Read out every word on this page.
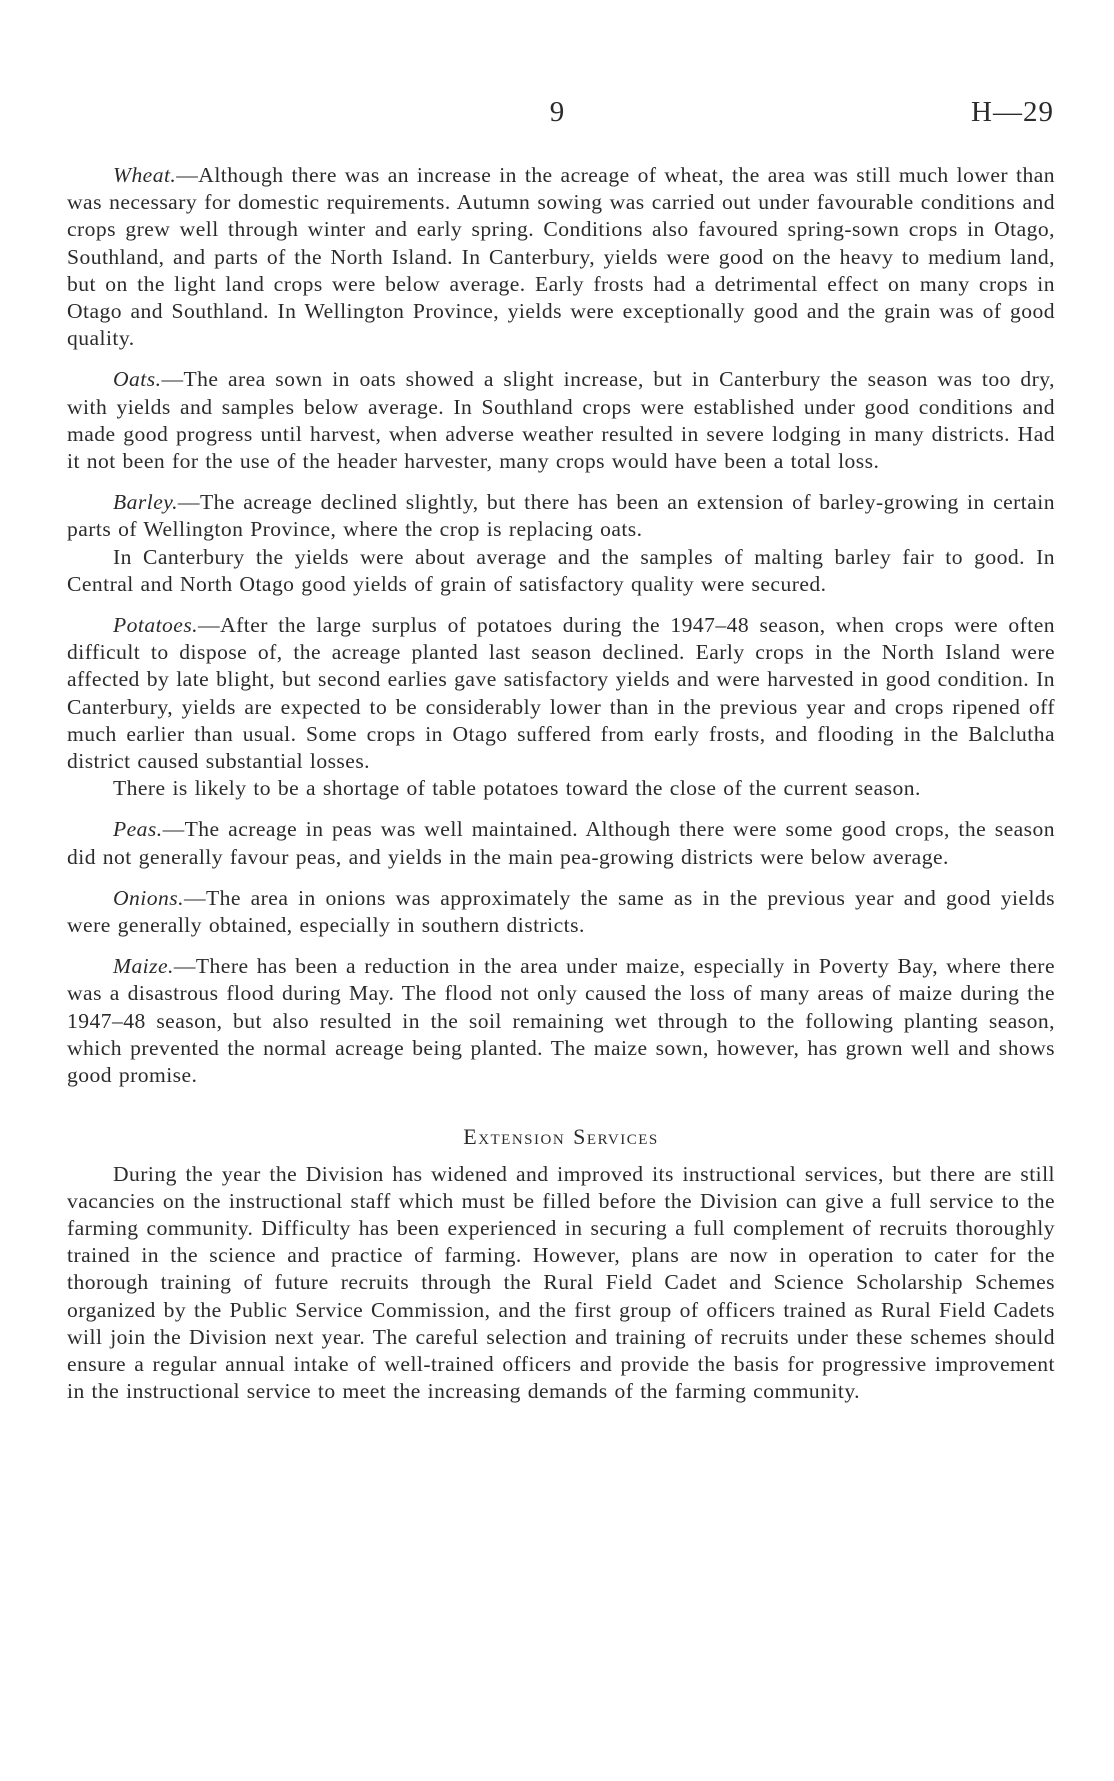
9	H—29

Wheat.—Although there was an increase in the acreage of wheat, the area was still much lower than was necessary for domestic requirements. Autumn sowing was carried out under favourable conditions and crops grew well through winter and early spring. Conditions also favoured spring-sown crops in Otago, Southland, and parts of the North Island. In Canterbury, yields were good on the heavy to medium land, but on the light land crops were below average. Early frosts had a detrimental effect on many crops in Otago and Southland. In Wellington Province, yields were exceptionally good and the grain was of good quality.

Oats.—The area sown in oats showed a slight increase, but in Canterbury the season was too dry, with yields and samples below average. In Southland crops were established under good conditions and made good progress until harvest, when adverse weather resulted in severe lodging in many districts. Had it not been for the use of the header harvester, many crops would have been a total loss.

Barley.—The acreage declined slightly, but there has been an extension of barley-growing in certain parts of Wellington Province, where the crop is replacing oats.

In Canterbury the yields were about average and the samples of malting barley fair to good. In Central and North Otago good yields of grain of satisfactory quality were secured.

Potatoes.—After the large surplus of potatoes during the 1947–48 season, when crops were often difficult to dispose of, the acreage planted last season declined. Early crops in the North Island were affected by late blight, but second earlies gave satisfactory yields and were harvested in good condition. In Canterbury, yields are expected to be considerably lower than in the previous year and crops ripened off much earlier than usual. Some crops in Otago suffered from early frosts, and flooding in the Balclutha district caused substantial losses.

There is likely to be a shortage of table potatoes toward the close of the current season.

Peas.—The acreage in peas was well maintained. Although there were some good crops, the season did not generally favour peas, and yields in the main pea-growing districts were below average.

Onions.—The area in onions was approximately the same as in the previous year and good yields were generally obtained, especially in southern districts.

Maize.—There has been a reduction in the area under maize, especially in Poverty Bay, where there was a disastrous flood during May. The flood not only caused the loss of many areas of maize during the 1947–48 season, but also resulted in the soil remaining wet through to the following planting season, which prevented the normal acreage being planted. The maize sown, however, has grown well and shows good promise.

Extension Services

During the year the Division has widened and improved its instructional services, but there are still vacancies on the instructional staff which must be filled before the Division can give a full service to the farming community. Difficulty has been experienced in securing a full complement of recruits thoroughly trained in the science and practice of farming. However, plans are now in operation to cater for the thorough training of future recruits through the Rural Field Cadet and Science Scholarship Schemes organized by the Public Service Commission, and the first group of officers trained as Rural Field Cadets will join the Division next year. The careful selection and training of recruits under these schemes should ensure a regular annual intake of well-trained officers and provide the basis for progressive improvement in the instructional service to meet the increasing demands of the farming community.
